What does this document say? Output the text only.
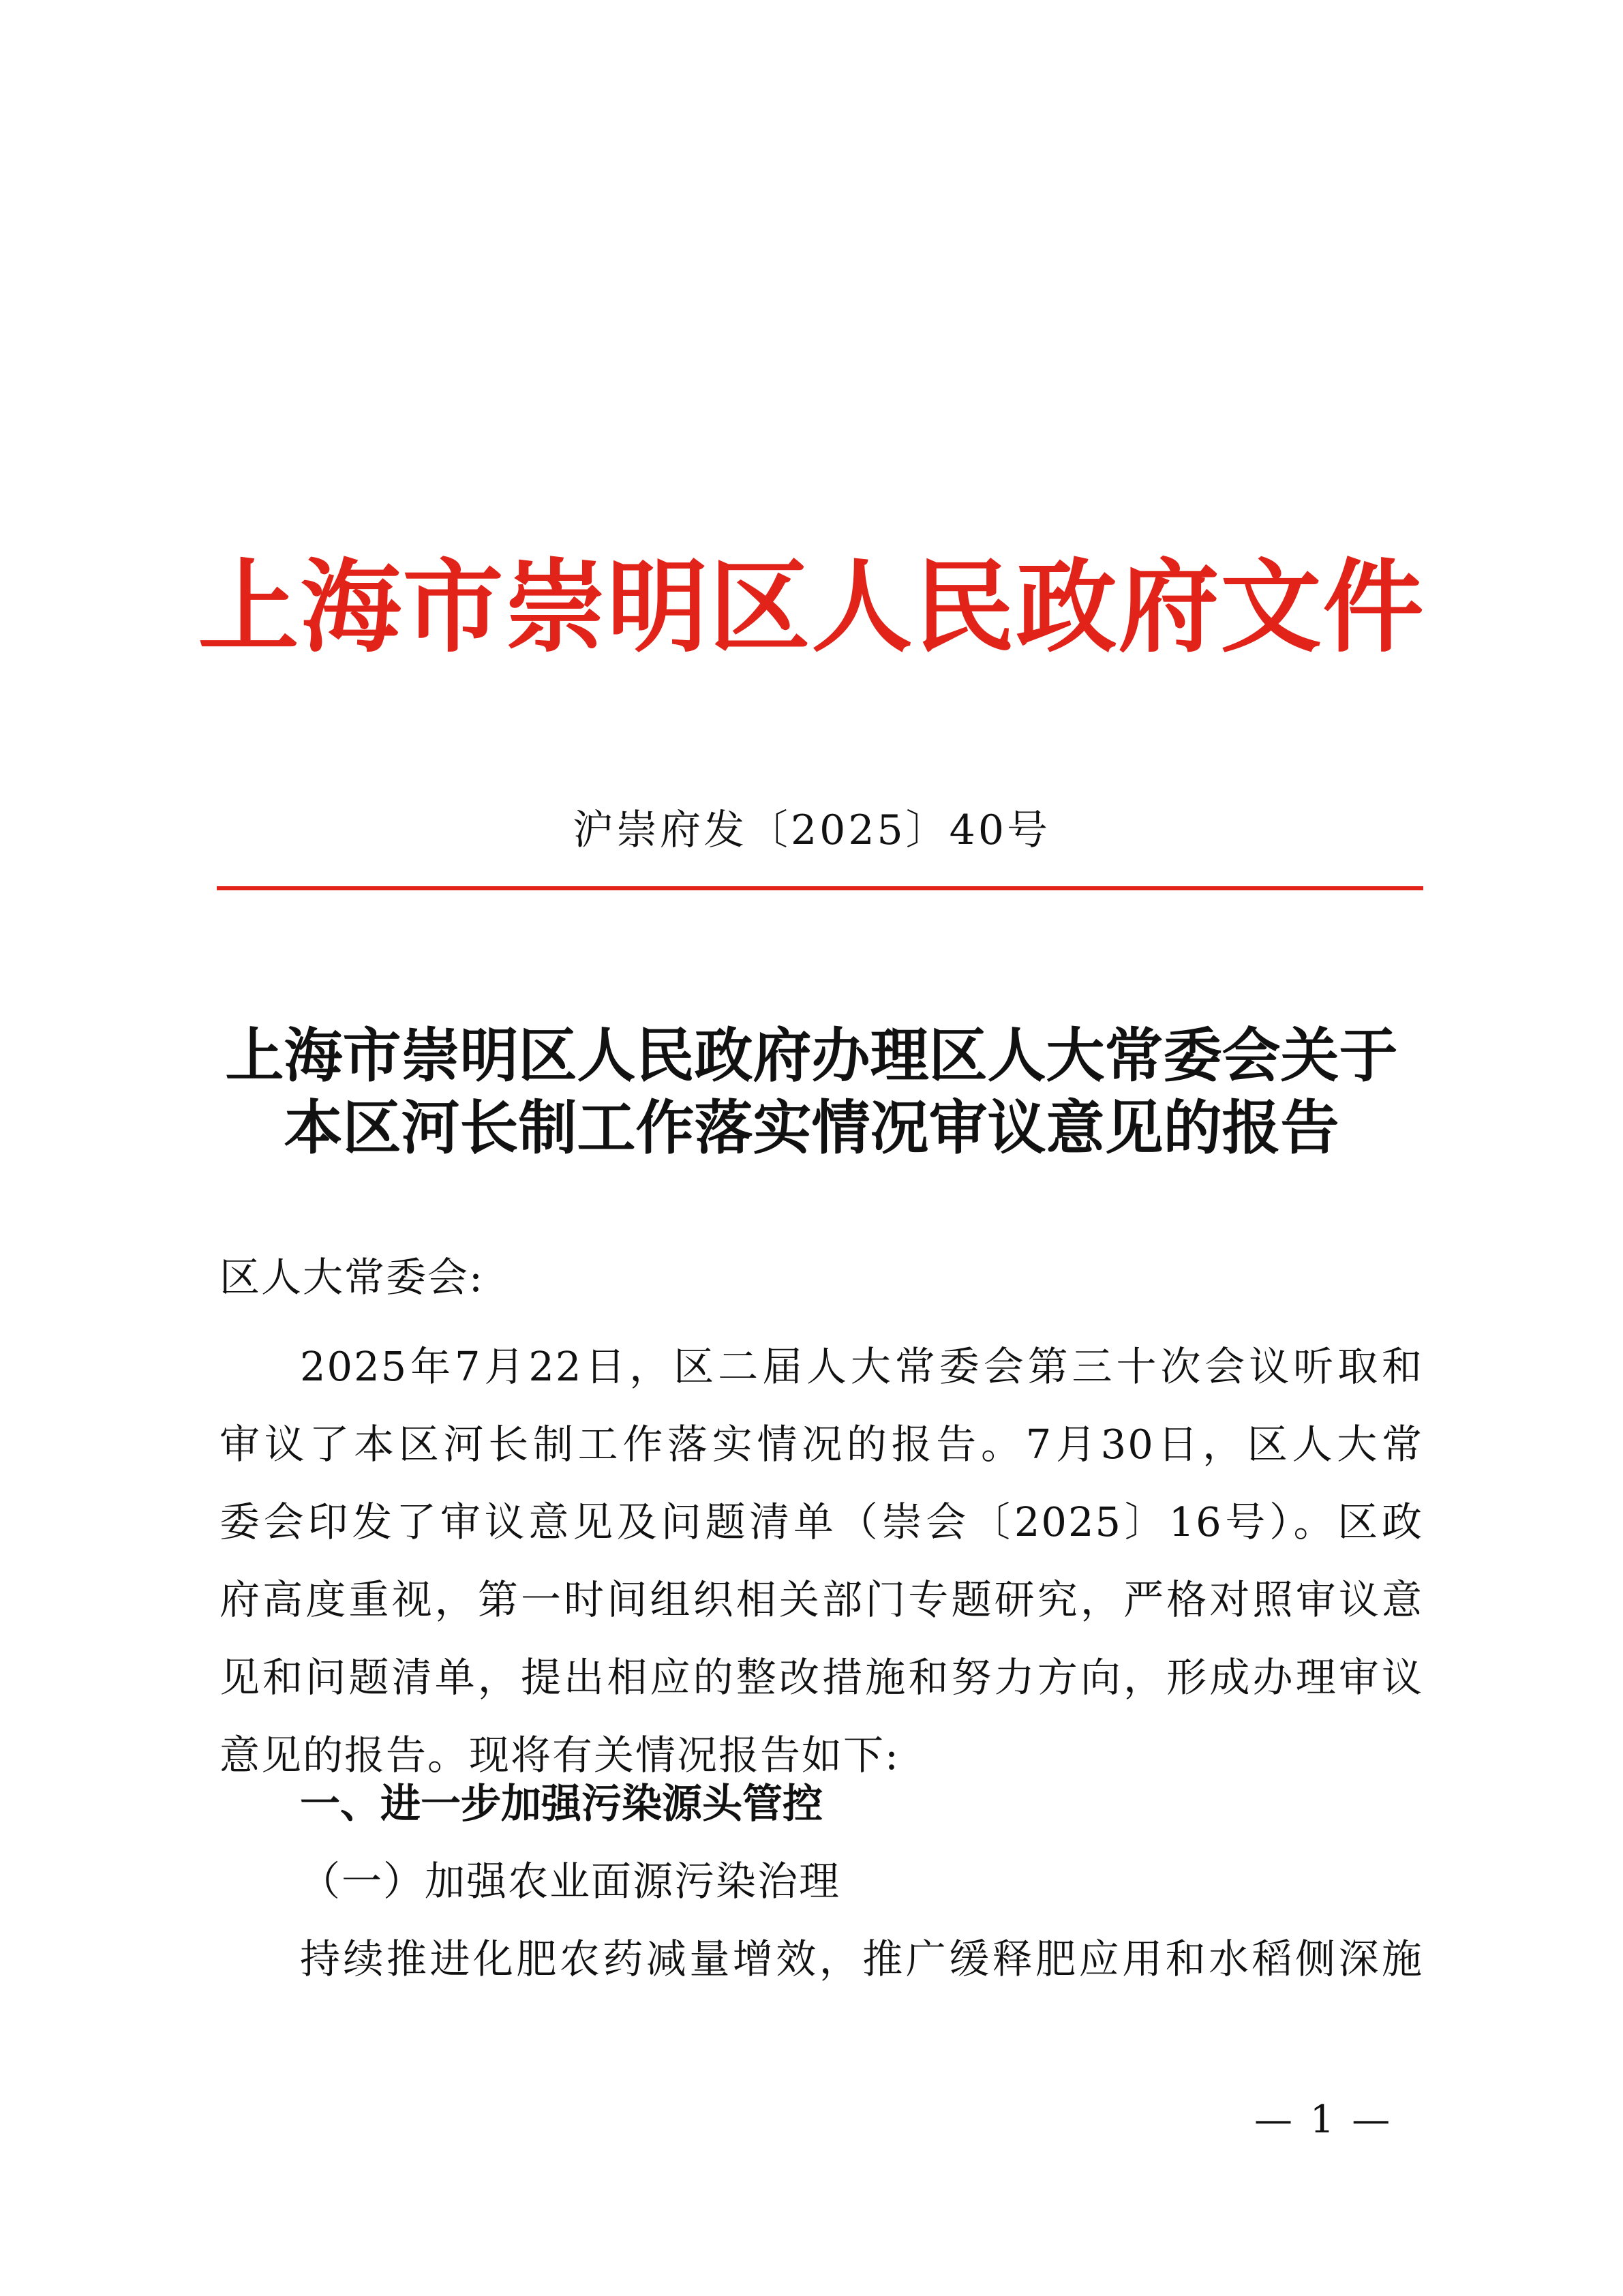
上海市崇明区人民政府文件
沪崇府发〔2025〕40号
上海市崇明区人民政府办理区人大常委会关于
本区河长制工作落实情况审议意见的报告
区人大常委会:
2025年7月22日，区二届人大常委会第三十次会议听取和
审议了本区河长制工作落实情况的报告。7月30日，区人大常
委会印发了审议意见及问题清单（崇会〔2025〕16号）。区政
府高度重视，第一时间组织相关部门专题研究，严格对照审议意
见和问题清单，提出相应的整改措施和努力方向，形成办理审议
意见的报告。现将有关情况报告如下:
一、进一步加强污染源头管控
（一）加强农业面源污染治理
持续推进化肥农药减量增效，推广缓释肥应用和水稻侧深施
— 1 —
